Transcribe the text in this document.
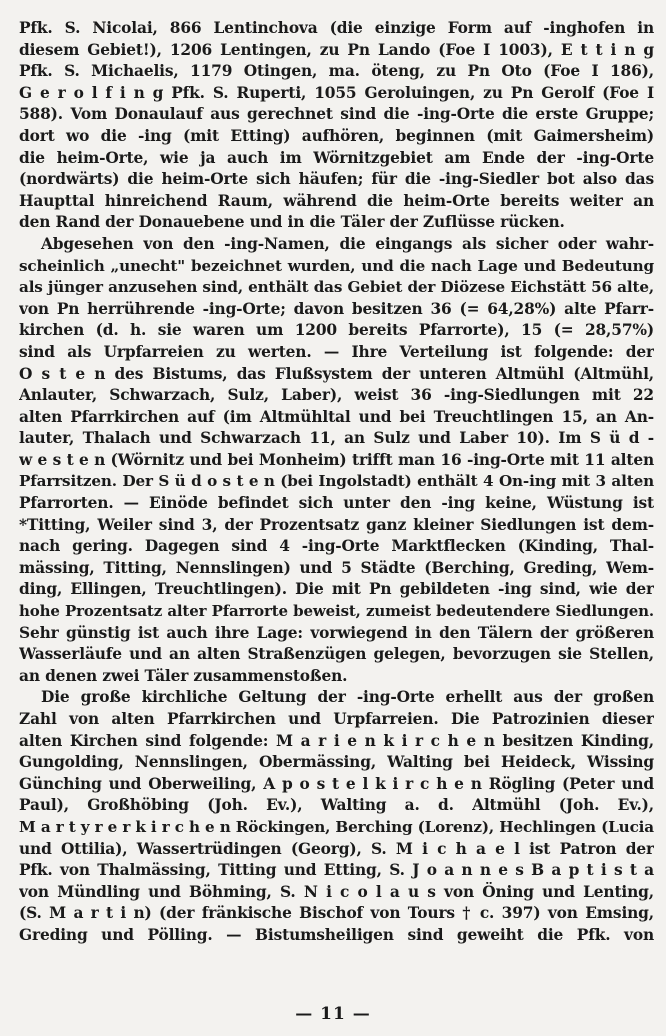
Pfk. S. Nicolai, 866 Lentinchova (die einzige Form auf -inghofen in
diesem Gebiet!), 1206 Lentingen, zu Pn Lando (Foe I 1003), E t t i n g
Pfk. S. Michaelis, 1179 Otingen, ma. öteng, zu Pn Oto (Foe I 186),
G e r o l f i n g Pfk. S. Ruperti, 1055 Geroluingen, zu Pn Gerolf (Foe I
588). Vom Donaulauf aus gerechnet sind die -ing-Orte die erste Gruppe;
dort wo die -ing (mit Etting) aufhören, beginnen (mit Gaimersheim)
die heim-Orte, wie ja auch im Wörnitzgebiet am Ende der -ing-Orte
(nordwärts) die heim-Orte sich häufen; für die -ing-Siedler bot also das
Haupttal hinreichend Raum, während die heim-Orte bereits weiter an
den Rand der Donauebene und in die Täler der Zuflüsse rücken.
Abgesehen von den -ing-Namen, die eingangs als sicher oder wahr-
scheinlich „unecht" bezeichnet wurden, und die nach Lage und Bedeutung
als jünger anzusehen sind, enthält das Gebiet der Diözese Eichstätt 56 alte,
von Pn herrührende -ing-Orte; davon besitzen 36 (= 64,28%) alte Pfarr-
kirchen (d. h. sie waren um 1200 bereits Pfarrorte), 15 (= 28,57%)
sind als Urpfarreien zu werten. — Ihre Verteilung ist folgende: der
O s t e n des Bistums, das Flußsystem der unteren Altmühl (Altmühl,
Anlauter, Schwarzach, Sulz, Laber), weist 36 -ing-Siedlungen mit 22
alten Pfarrkirchen auf (im Altmühltal und bei Treuchtlingen 15, an An-
lauter, Thalach und Schwarzach 11, an Sulz und Laber 10). Im S ü d -
w e s t e n (Wörnitz und bei Monheim) trifft man 16 -ing-Orte mit 11 alten
Pfarrsitzen. Der S ü d o s t e n (bei Ingolstadt) enthält 4 On-ing mit 3 alten
Pfarrorten. — Einöde befindet sich unter den -ing keine, Wüstung ist
*Titting, Weiler sind 3, der Prozentsatz ganz kleiner Siedlungen ist dem-
nach gering. Dagegen sind 4 -ing-Orte Marktflecken (Kinding, Thal-
mässing, Titting, Nennslingen) und 5 Städte (Berching, Greding, Wem-
ding, Ellingen, Treuchtlingen). Die mit Pn gebildeten -ing sind, wie der
hohe Prozentsatz alter Pfarrorte beweist, zumeist bedeutendere Siedlungen.
Sehr günstig ist auch ihre Lage: vorwiegend in den Tälern der größeren
Wasserläufe und an alten Straßenzügen gelegen, bevorzugen sie Stellen,
an denen zwei Täler zusammenstoßen.
Die große kirchliche Geltung der -ing-Orte erhellt aus der großen
Zahl von alten Pfarrkirchen und Urpfarreien. Die Patrozinien dieser
alten Kirchen sind folgende: M a r i e n k i r c h e n besitzen Kinding,
Gungolding, Nennslingen, Obermässing, Walting bei Heideck, Wissing
Günching und Oberweiling, A p o s t e l k i r c h e n Rögling (Peter und
Paul), Großhöbing (Joh. Ev.), Walting a. d. Altmühl (Joh. Ev.),
M a r t y r e r k i r c h e n Röckingen, Berching (Lorenz), Hechlingen (Lucia
und Ottilia), Wassertrüdingen (Georg), S. M i c h a e l ist Patron der
Pfk. von Thalmässing, Titting und Etting, S. J o a n n e s B a p t i s t a
von Mündling und Böhming, S. N i c o l a u s von Öning und Lenting,
(S. M a r t i n) (der fränkische Bischof von Tours † c. 397) von Emsing,
Greding und Pölling. — Bistumsheiligen sind geweiht die Pfk. von
— 11 —
